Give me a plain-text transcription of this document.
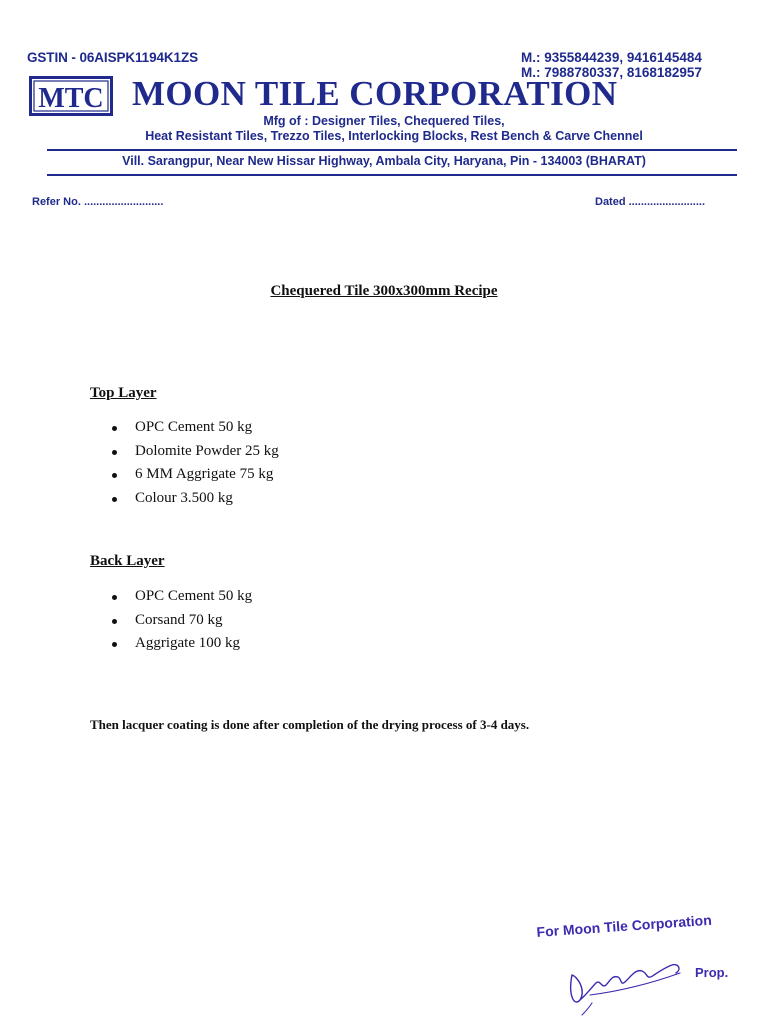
GSTIN - 06AISPK1194K1ZS	M.: 9355844239, 9416145484
M.: 7988780337, 8168182957
MTC MOON TILE CORPORATION
Mfg of : Designer Tiles, Chequered Tiles,
Heat Resistant Tiles, Trezzo Tiles, Interlocking Blocks, Rest Bench & Carve Chennel
Vill. Sarangpur, Near New Hissar Highway, Ambala City, Haryana, Pin - 134003 (BHARAT)
Refer No. ..........................	Dated .........................
Chequered Tile 300x300mm Recipe
Top Layer
OPC Cement 50 kg
Dolomite Powder 25 kg
6 MM Aggrigate 75 kg
Colour 3.500 kg
Back Layer
OPC Cement 50 kg
Corsand 70 kg
Aggrigate 100 kg
Then lacquer coating is done after completion of the drying process of 3-4 days.
For Moon Tile Corporation
Prop.
